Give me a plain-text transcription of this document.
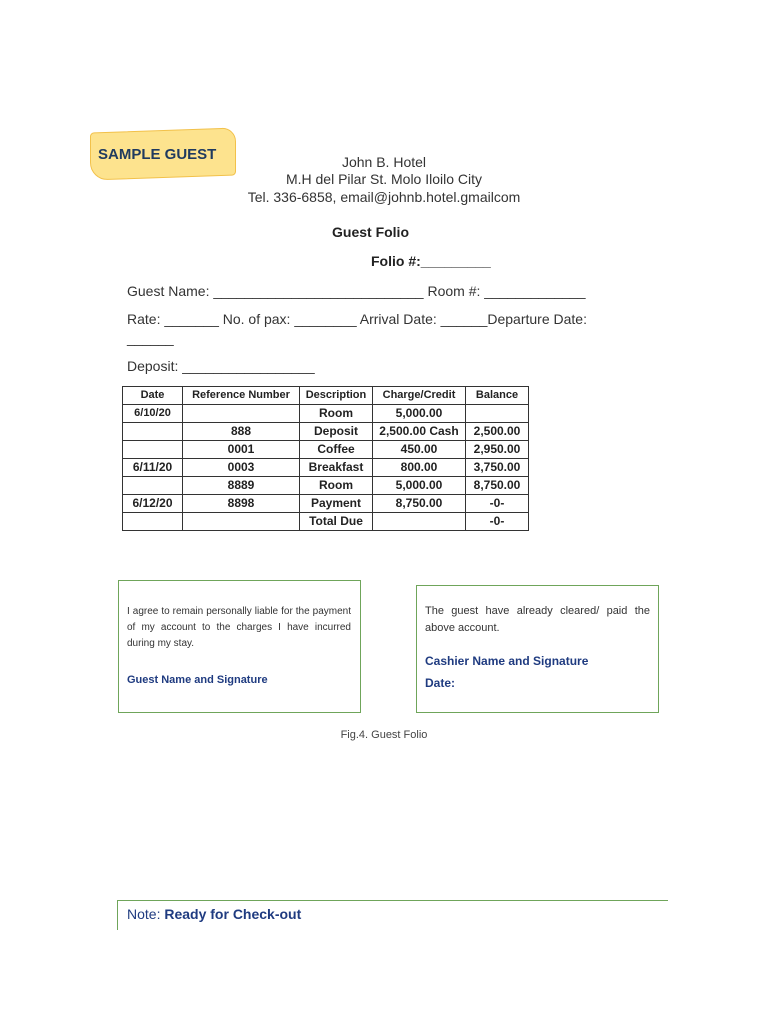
SAMPLE GUEST	John B. Hotel
M.H del Pilar St. Molo Iloilo City
Tel. 336-6858, email@johnb.hotel.gmailcom
Guest Folio
Folio #:_________
Guest Name: ___________________________ Room #: _____________
Rate: _______ No. of pax: ________ Arrival Date: ______Departure Date:
______
Deposit: _________________
Date	Reference Number	Description	Charge/Credit	Balance
6/10/20		Room	5,000.00	
	888	Deposit	2,500.00 Cash	2,500.00
	0001	Coffee	450.00	2,950.00
6/11/20	0003	Breakfast	800.00	3,750.00
	8889	Room	5,000.00	8,750.00
6/12/20	8898	Payment	8,750.00	-0-
		Total Due		-0-
I agree to remain personally liable for the payment of my account to the charges I have incurred during my stay.
Guest Name and Signature
The guest have already cleared/ paid the above account.
Cashier Name and Signature
Date:
Fig.4. Guest Folio
Note: Ready for Check-out
